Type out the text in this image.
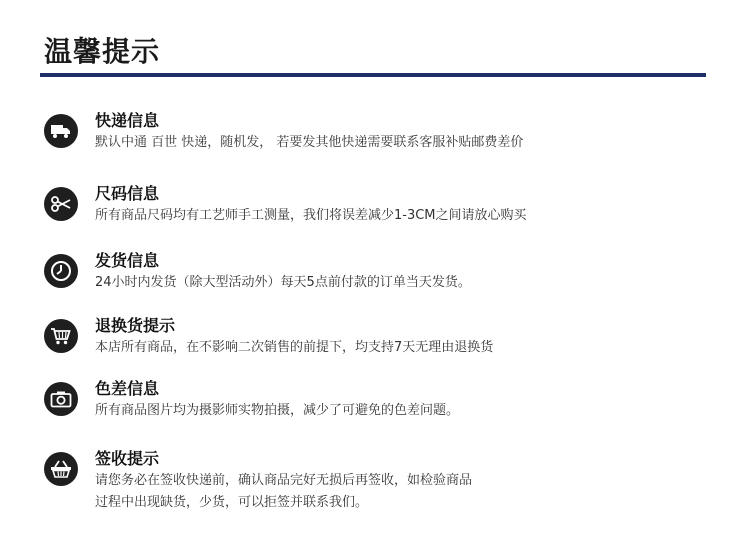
温馨提示
快递信息
默认中通 百世 快递，随机发， 若要发其他快递需要联系客服补贴邮费差价
尺码信息
所有商品尺码均有工艺师手工测量，我们将误差减少1-3CM之间请放心购买
发货信息
24小时内发货（除大型活动外）每天5点前付款的订单当天发货。
退换货提示
本店所有商品，在不影响二次销售的前提下，均支持7天无理由退换货
色差信息
所有商品图片均为摄影师实物拍摄，减少了可避免的色差问题。
签收提示
请您务必在签收快递前，确认商品完好无损后再签收，如检验商品
过程中出现缺货，少货，可以拒签并联系我们。
